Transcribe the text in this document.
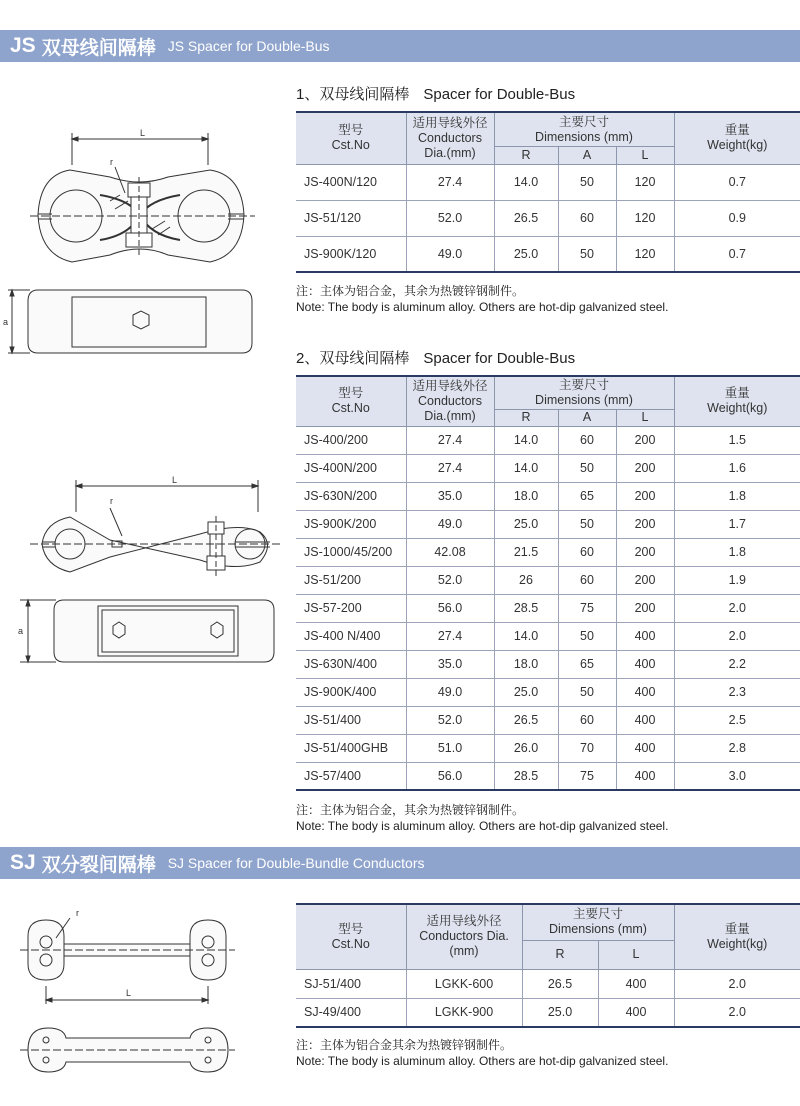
JS 双母线间隔棒 JS Spacer for Double-Bus
L
r
a
1、双母线间隔棒 Spacer for Double-Bus
型号
Cst.No	适用导线外径
Conductors
Dia.(mm)	主要尺寸
Dimensions (mm)			重量
Weight(kg)
		R	A	L	
JS-400N/120	27.4	14.0	50	120	0.7
JS-51/120	52.0	26.5	60	120	0.9
JS-900K/120	49.0	25.0	50	120	0.7
注：主体为铝合金，其余为热镀锌钢制件。
Note: The body is aluminum alloy. Others are hot-dip galvanized steel.
L
r
a
2、双母线间隔棒 Spacer for Double-Bus
型号
Cst.No	适用导线外径
Conductors
Dia.(mm)	主要尺寸
Dimensions (mm)			重量
Weight(kg)
		R	A	L	
JS-400/200	27.4	14.0	60	200	1.5
JS-400N/200	27.4	14.0	50	200	1.6
JS-630N/200	35.0	18.0	65	200	1.8
JS-900K/200	49.0	25.0	50	200	1.7
JS-1000/45/200	42.08	21.5	60	200	1.8
JS-51/200	52.0	26	60	200	1.9
JS-57-200	56.0	28.5	75	200	2.0
JS-400 N/400	27.4	14.0	50	400	2.0
JS-630N/400	35.0	18.0	65	400	2.2
JS-900K/400	49.0	25.0	50	400	2.3
JS-51/400	52.0	26.5	60	400	2.5
JS-51/400GHB	51.0	26.0	70	400	2.8
JS-57/400	56.0	28.5	75	400	3.0
注：主体为铝合金，其余为热镀锌钢制件。
Note: The body is aluminum alloy. Others are hot-dip galvanized steel.
SJ 双分裂间隔棒 SJ Spacer for Double-Bundle Conductors
r
L
型号
Cst.No	适用导线外径
Conductors Dia.
(mm)	主要尺寸
Dimensions (mm)		重量
Weight(kg)
		R	L	
SJ-51/400	LGKK-600	26.5	400	2.0
SJ-49/400	LGKK-900	25.0	400	2.0
注：主体为铝合金其余为热镀锌钢制件。
Note: The body is aluminum alloy. Others are hot-dip galvanized steel.
